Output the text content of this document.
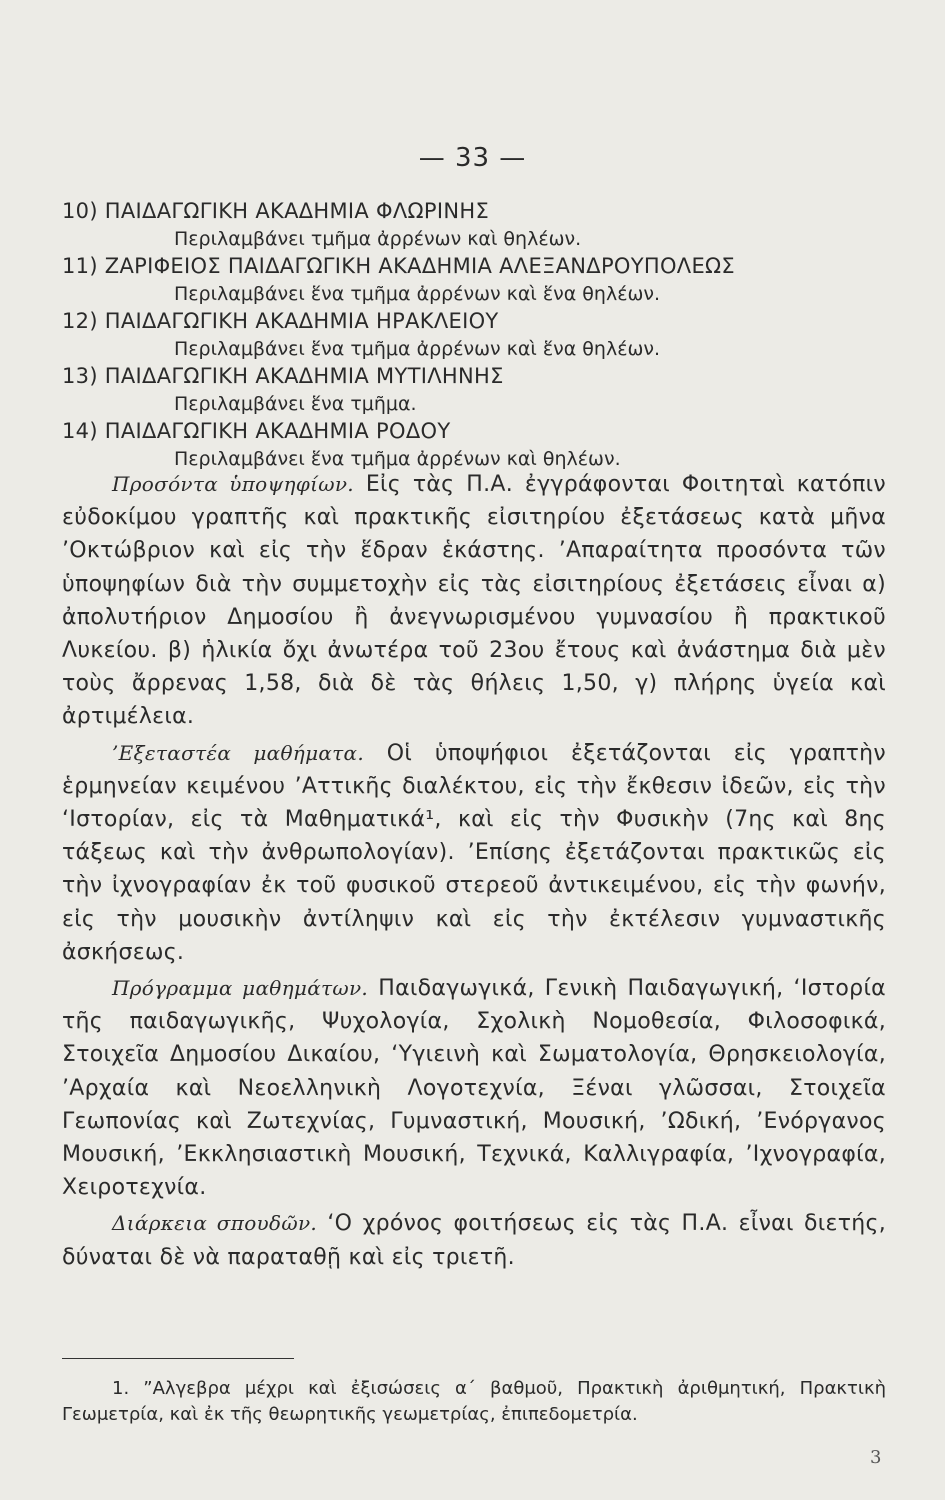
— 33 —
10) ΠΑΙΔΑΓΩΓΙΚΗ ΑΚΑΔΗΜΙΑ ΦΛΩΡΙΝΗΣ
Περιλαμβάνει τμῆμα ἀρρένων καὶ θηλέων.
11) ΖΑΡΙΦΕΙΟΣ ΠΑΙΔΑΓΩΓΙΚΗ ΑΚΑΔΗΜΙΑ ΑΛΕΞΑΝΔΡΟΥΠΟΛΕΩΣ
Περιλαμβάνει ἕνα τμῆμα ἀρρένων καὶ ἕνα θηλέων.
12) ΠΑΙΔΑΓΩΓΙΚΗ ΑΚΑΔΗΜΙΑ ΗΡΑΚΛΕΙΟΥ
Περιλαμβάνει ἕνα τμῆμα ἀρρένων καὶ ἕνα θηλέων.
13) ΠΑΙΔΑΓΩΓΙΚΗ ΑΚΑΔΗΜΙΑ ΜΥΤΙΛΗΝΗΣ
Περιλαμβάνει ἕνα τμῆμα.
14) ΠΑΙΔΑΓΩΓΙΚΗ ΑΚΑΔΗΜΙΑ ΡΟΔΟΥ
Περιλαμβάνει ἕνα τμῆμα ἀρρένων καὶ θηλέων.

Προσόντα ὑποψηφίων. Εἰς τὰς Π.Α. ἐγγράφονται Φοιτηταὶ κατόπιν εὐδοκίμου γραπτῆς καὶ πρακτικῆς εἰσιτηρίου ἐξετάσεως κατὰ μῆνα ’Οκτώβριον καὶ εἰς τὴν ἕδραν ἑκάστης. ’Απαραίτητα προσόντα τῶν ὑποψηφίων διὰ τὴν συμμετοχὴν εἰς τὰς εἰσιτηρίους ἐξετάσεις εἶναι α) ἀπολυτήριον Δημοσίου ἢ ἀνεγνωρισμένου γυμνασίου ἢ πρακτικοῦ Λυκείου. β) ἡλικία ὄχι ἀνωτέρα τοῦ 23ου ἔτους καὶ ἀνάστημα διὰ μὲν τοὺς ἄρρενας 1,58, διὰ δὲ τὰς θήλεις 1,50, γ) πλήρης ὑγεία καὶ ἀρτιμέλεια.

’Εξεταστέα μαθήματα. Οἱ ὑποψήφιοι ἐξετάζονται εἰς γραπτὴν ἑρμηνείαν κειμένου ’Αττικῆς διαλέκτου, εἰς τὴν ἔκθεσιν ἰδεῶν, εἰς τὴν ‘Ιστορίαν, εἰς τὰ Μαθηματικά¹, καὶ εἰς τὴν Φυσικὴν (7ης καὶ 8ης τάξεως καὶ τὴν ἀνθρωπολογίαν). ’Επίσης ἐξετάζονται πρακτικῶς εἰς τὴν ἰχνογραφίαν ἐκ τοῦ φυσικοῦ στερεοῦ ἀντικειμένου, εἰς τὴν φωνήν, εἰς τὴν μουσικὴν ἀντίληψιν καὶ εἰς τὴν ἐκτέλεσιν γυμναστικῆς ἀσκήσεως.

Πρόγραμμα μαθημάτων. Παιδαγωγικά, Γενικὴ Παιδαγωγική, ‘Ιστορία τῆς παιδαγωγικῆς, Ψυχολογία, Σχολικὴ Νομοθεσία, Φιλοσοφικά, Στοιχεῖα Δημοσίου Δικαίου, ‘Υγιεινὴ καὶ Σωματολογία, Θρησκειολογία, ’Αρχαία καὶ Νεοελληνικὴ Λογοτεχνία, Ξέναι γλῶσσαι, Στοιχεῖα Γεωπονίας καὶ Ζωτεχνίας, Γυμναστική, Μουσική, ’Ωδική, ’Ενόργανος Μουσική, ’Εκκλησιαστικὴ Μουσική, Τεχνικά, Καλλιγραφία, ’Ιχνογραφία, Χειροτεχνία.

Διάρκεια σπουδῶν. ‘Ο χρόνος φοιτήσεως εἰς τὰς Π.Α. εἶναι διετής, δύναται δὲ νὰ παραταθῇ καὶ εἰς τριετῆ.

1. ”Αλγεβρα μέχρι καὶ ἐξισώσεις α΄ βαθμοῦ, Πρακτικὴ ἀριθμητική, Πρακτικὴ Γεωμετρία, καὶ ἐκ τῆς θεωρητικῆς γεωμετρίας, ἐπιπεδομετρία.
3
